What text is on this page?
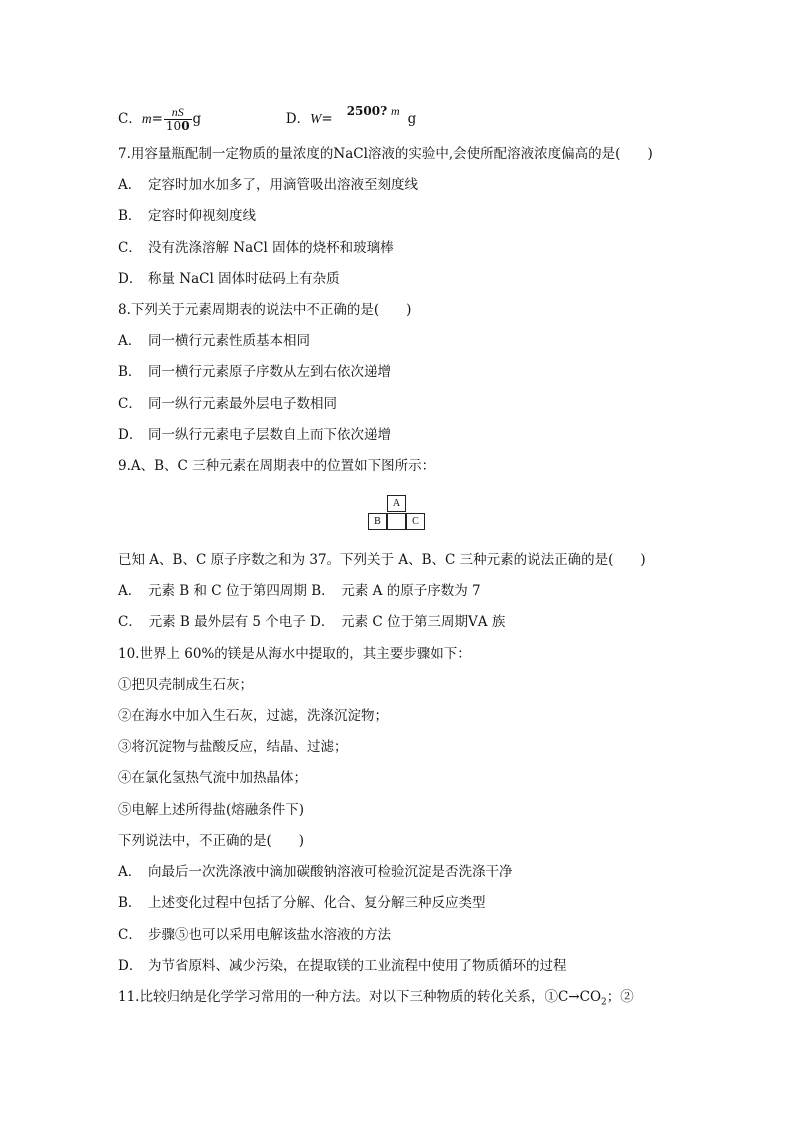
C．$m= \frac{nS}{100}$ g	D．W= 2500? m g
7.用容量瓶配制一定物质的量浓度的NaCl溶液的实验中,会使所配溶液浓度偏高的是(　　)
A． 定容时加水加多了，用滴管吸出溶液至刻度线
B． 定容时仰视刻度线
C． 没有洗涤溶解 NaCl 固体的烧杯和玻璃棒
D． 称量 NaCl 固体时砝码上有杂质
8.下列关于元素周期表的说法中不正确的是(　　)
A． 同一横行元素性质基本相同
B． 同一横行元素原子序数从左到右依次递增
C． 同一纵行元素最外层电子数相同
D． 同一纵行元素电子层数自上而下依次递增
9.A、B、C 三种元素在周期表中的位置如下图所示：
A
B	C
已知 A、B、C 原子序数之和为 37。下列关于 A、B、C 三种元素的说法正确的是(　　)
A．　元素 B 和 C 位于第四周期 B．　元素 A 的原子序数为 7
C．　元素 B 最外层有 5 个电子 D．　元素 C 位于第三周期ⅤA 族
10.世界上 60%的镁是从海水中提取的，其主要步骤如下：
①把贝壳制成生石灰；
②在海水中加入生石灰，过滤，洗涤沉淀物；
③将沉淀物与盐酸反应，结晶、过滤；
④在氯化氢热气流中加热晶体；
⑤电解上述所得盐(熔融条件下)
下列说法中，不正确的是(　　)
A． 向最后一次洗涤液中滴加碳酸钠溶液可检验沉淀是否洗涤干净
B． 上述变化过程中包括了分解、化合、复分解三种反应类型
C． 步骤⑤也可以采用电解该盐水溶液的方法
D． 为节省原料、减少污染，在提取镁的工业流程中使用了物质循环的过程
11.比较归纳是化学学习常用的一种方法。对以下三种物质的转化关系，$①C\to CO_2$；②
